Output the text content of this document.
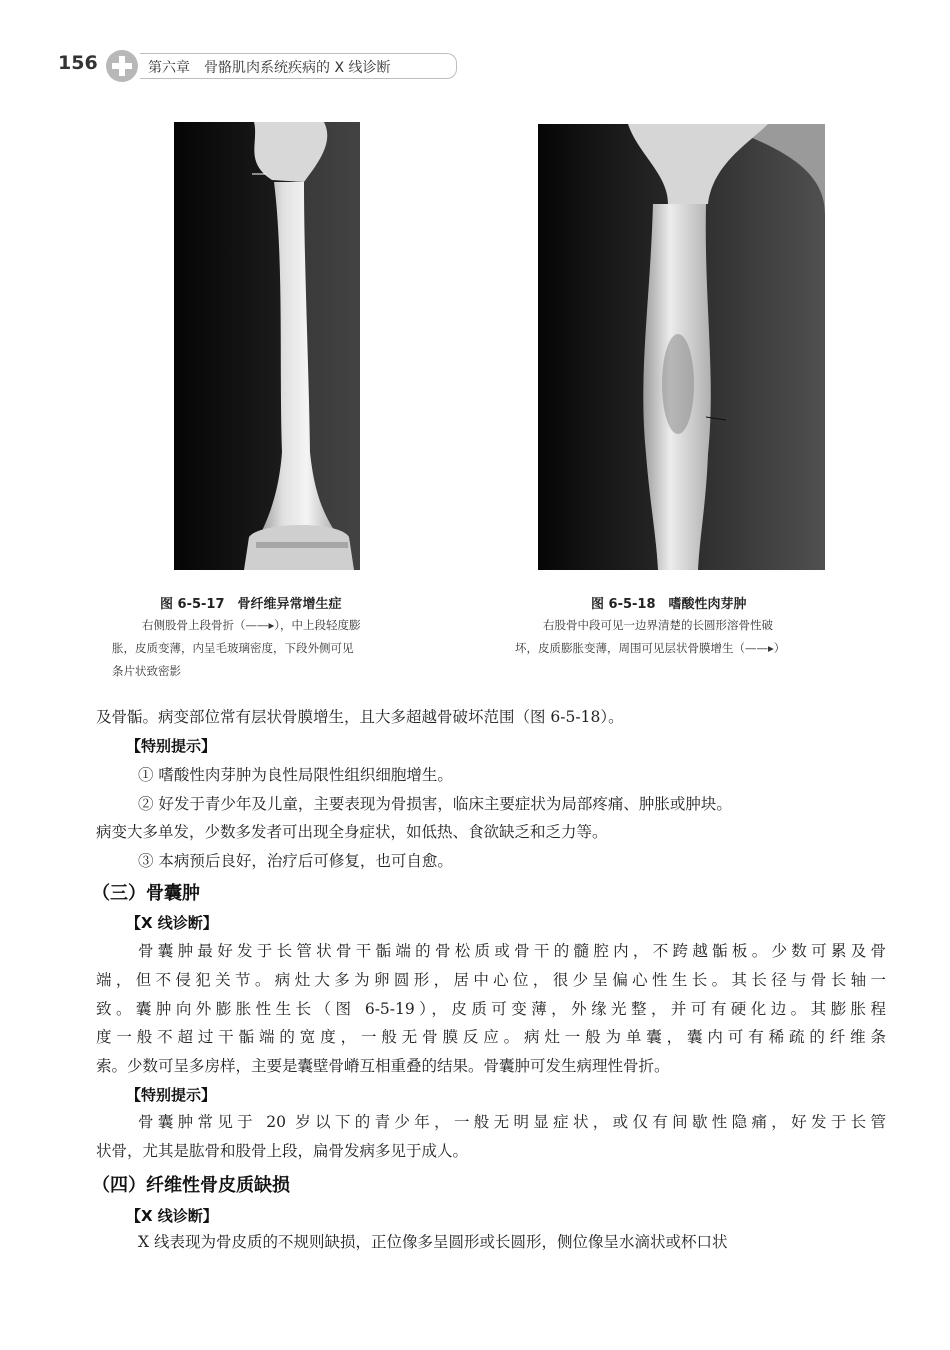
156	第六章　骨骼肌肉系统疾病的 X 线诊断
图 6-5-17　骨纤维异常增生症
右侧股骨上段骨折（——▸），中上段轻度膨
胀，皮质变薄，内呈毛玻璃密度，下段外侧可见
条片状致密影
图 6-5-18　嗜酸性肉芽肿
右股骨中段可见一边界清楚的长圆形溶骨性破
坏，皮质膨胀变薄，周围可见层状骨膜增生（——▸）
及骨骺。病变部位常有层状骨膜增生，且大多超越骨破坏范围（图 6-5-18）。
【特别提示】
① 嗜酸性肉芽肿为良性局限性组织细胞增生。
② 好发于青少年及儿童，主要表现为骨损害，临床主要症状为局部疼痛、肿胀或肿块。
病变大多单发，少数多发者可出现全身症状，如低热、食欲缺乏和乏力等。
③ 本病预后良好，治疗后可修复，也可自愈。
（三）骨囊肿
【X 线诊断】
骨囊肿最好发于长管状骨干骺端的骨松质或骨干的髓腔内，不跨越骺板。少数可累及骨
端，但不侵犯关节。病灶大多为卵圆形，居中心位，很少呈偏心性生长。其长径与骨长轴一
致。囊肿向外膨胀性生长（图 6-5-19），皮质可变薄，外缘光整，并可有硬化边。其膨胀程
度一般不超过干骺端的宽度，一般无骨膜反应。病灶一般为单囊，囊内可有稀疏的纤维条
索。少数可呈多房样，主要是囊壁骨嵴互相重叠的结果。骨囊肿可发生病理性骨折。
【特别提示】
骨囊肿常见于 20 岁以下的青少年，一般无明显症状，或仅有间歇性隐痛，好发于长管
状骨，尤其是肱骨和股骨上段，扁骨发病多见于成人。
（四）纤维性骨皮质缺损
【X 线诊断】
X 线表现为骨皮质的不规则缺损，正位像多呈圆形或长圆形，侧位像呈水滴状或杯口状
